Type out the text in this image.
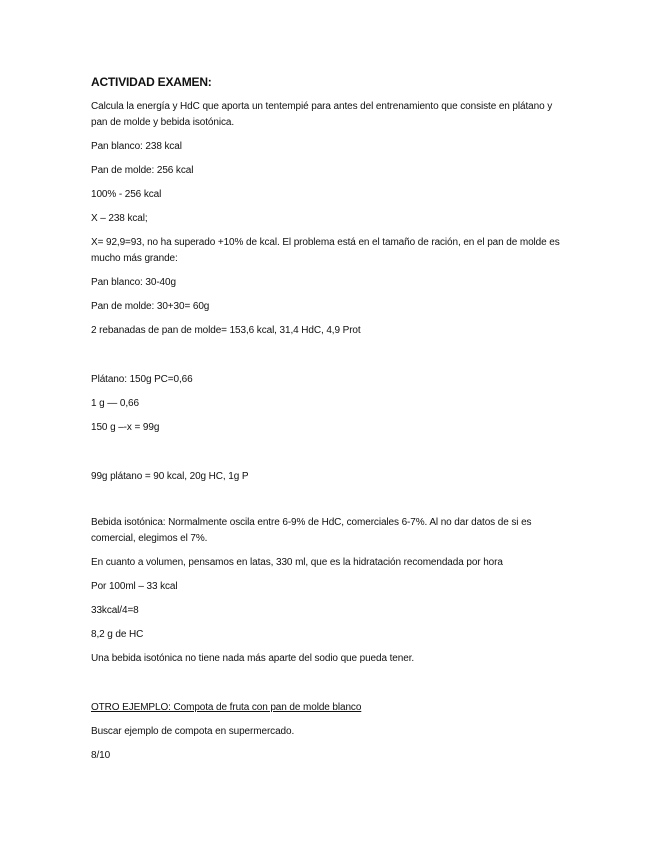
ACTIVIDAD EXAMEN:
Calcula la energía y HdC que aporta un tentempié para antes del entrenamiento que consiste en plátano y pan de molde y bebida isotónica.
Pan blanco: 238 kcal
Pan de molde: 256 kcal
100% - 256 kcal
X – 238 kcal;
X= 92,9=93, no ha superado +10% de kcal. El problema está en el tamaño de ración, en el pan de molde es mucho más grande:
Pan blanco: 30-40g
Pan de molde: 30+30= 60g
2 rebanadas de pan de molde= 153,6 kcal, 31,4 HdC, 4,9 Prot
Plátano: 150g PC=0,66
1 g — 0,66
150 g –-x = 99g
99g plátano = 90 kcal, 20g HC, 1g P
Bebida isotónica: Normalmente oscila entre 6-9% de HdC, comerciales 6-7%. Al no dar datos de si es comercial, elegimos el 7%.
En cuanto a volumen, pensamos en latas, 330 ml, que es la hidratación recomendada por hora
Por 100ml – 33 kcal
33kcal/4=8
8,2 g de HC
Una bebida isotónica no tiene nada más aparte del sodio que pueda tener.
OTRO EJEMPLO: Compota de fruta con pan de molde blanco
Buscar ejemplo de compota en supermercado.
8/10
